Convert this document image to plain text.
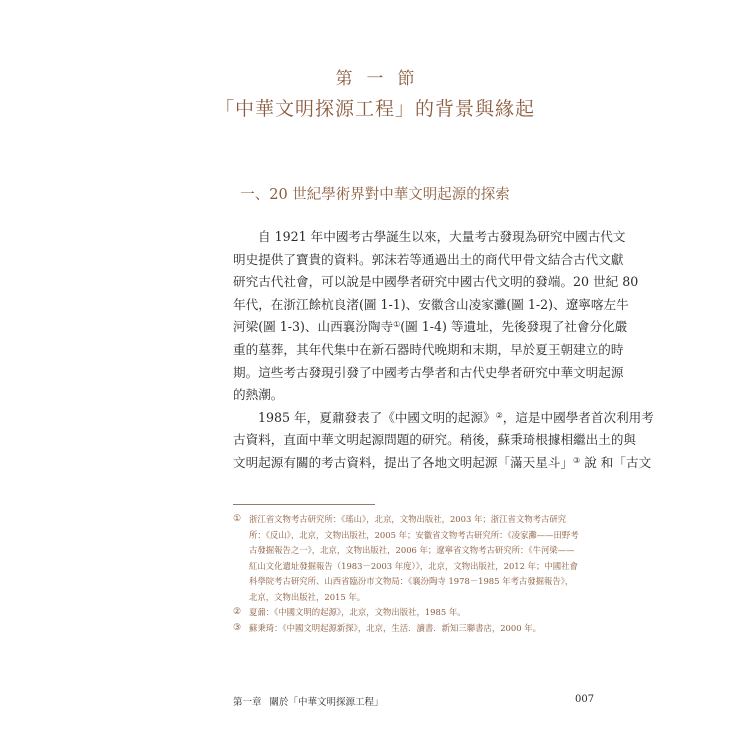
第一節
「中華文明探源工程」的背景與緣起
一、20 世紀學術界對中華文明起源的探索

自 1921 年中國考古學誕生以來，大量考古發現為研究中國古代文
明史提供了寶貴的資料。郭沫若等通過出土的商代甲骨文結合古代文獻
研究古代社會，可以說是中國學者研究中國古代文明的發端。20 世紀 80
年代，在浙江餘杭良渚(圖 1-1)、安徽含山凌家灘(圖 1-2)、遼寧喀左牛
河梁(圖 1-3)、山西襄汾陶寺①(圖 1-4) 等遺址，先後發現了社會分化嚴
重的墓葬，其年代集中在新石器時代晚期和末期，早於夏王朝建立的時
期。這些考古發現引發了中國考古學者和古代史學者研究中華文明起源
的熱潮。

1985 年，夏鼐發表了《中國文明的起源》②，這是中國學者首次利用考
古資料，直面中華文明起源問題的研究。稍後，蘇秉琦根據相繼出土的與
文明起源有關的考古資料，提出了各地文明起源「滿天星斗」③ 說 和「古文

① 浙江省文物考古研究所：《瑤山》，北京，文物出版社，2003 年；浙江省文物考古研究
所：《反山》，北京，文物出版社，2005 年；安徽省文物考古研究所：《凌家灘——田野考
古發掘報告之一》，北京，文物出版社，2006 年；遼寧省文物考古研究所：《牛河梁——
紅山文化遺址發掘報告（1983－2003 年度）》，北京，文物出版社，2012 年；中國社會
科學院考古研究所、山西省臨汾市文物局：《襄汾陶寺 1978－1985 年考古發掘報告》，
北京，文物出版社，2015 年。
② 夏鼐：《中國文明的起源》，北京，文物出版社，1985 年。
③ 蘇秉琦：《中國文明起源新探》，北京，生活．讀書．新知三聯書店，2000 年。
第一章 關於「中華文明探源工程」	007
